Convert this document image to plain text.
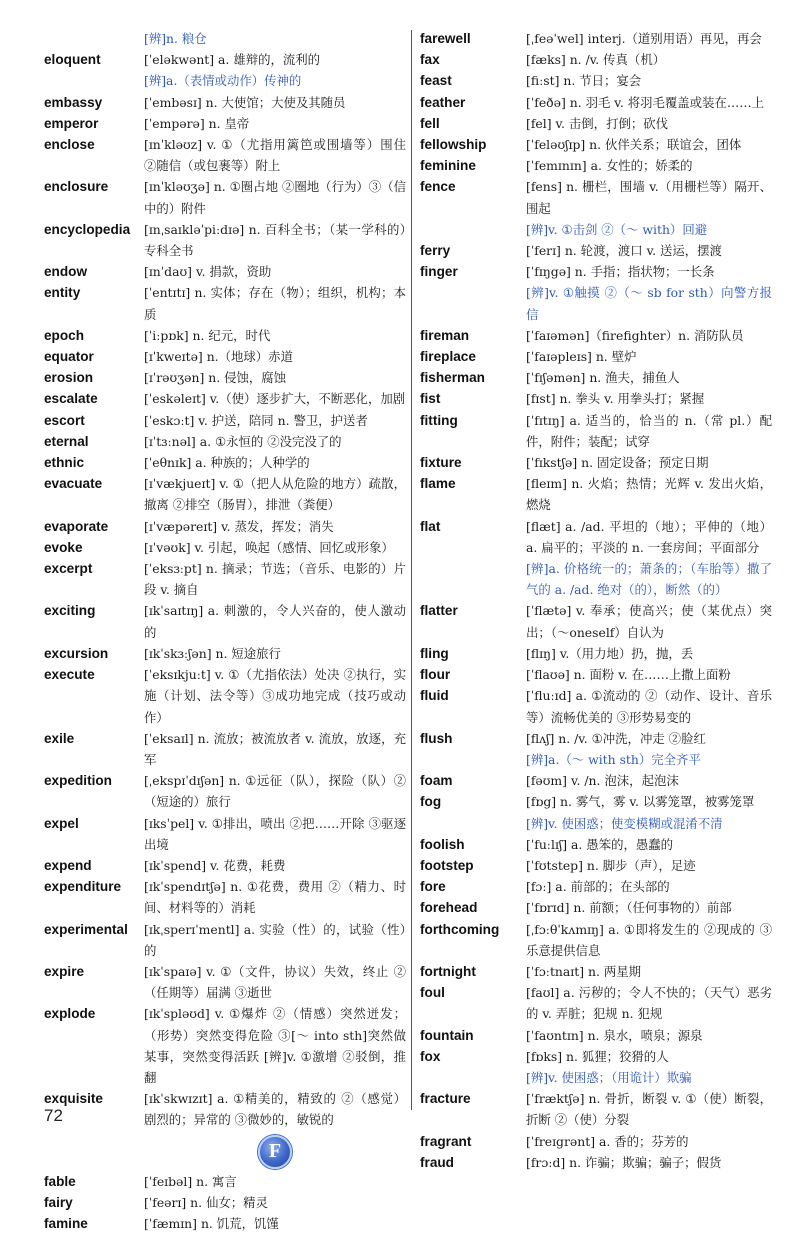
[辨]n. 粮仓
eloquent	[ˈeləkwənt] a. 雄辩的，流利的
[辨]a.（表情或动作）传神的
embassy	[ˈembəsɪ] n. 大使馆；大使及其随员
emperor	[ˈempərə] n. 皇帝
enclose	[ɪnˈkləʊz] v. ①（尤指用篱笆或围墙等）围住 ②随信（或包裹等）附上
enclosure	[ɪnˈkləʊʒə] n. ①圈占地 ②圈地（行为）③（信中的）附件
encyclopedia	[ɪnˌsaɪkləˈpiːdɪə] n. 百科全书；（某一学科的）专科全书
endow	[ɪnˈdaʊ] v. 捐款，资助
entity	[ˈentɪtɪ] n. 实体；存在（物）；组织，机构；本质
epoch	[ˈiːpɒk] n. 纪元，时代
equator	[ɪˈkweɪtə] n.（地球）赤道
erosion	[ɪˈrəʊʒən] n. 侵蚀，腐蚀
escalate	[ˈeskəleɪt] v.（使）逐步扩大，不断恶化，加剧
escort	[ˈeskɔːt] v. 护送，陪同 n. 警卫，护送者
eternal	[ɪˈtɜːnəl] a. ①永恒的 ②没完没了的
ethnic	[ˈeθnɪk] a. 种族的；人种学的
evacuate	[ɪˈvækjueɪt] v. ①（把人从危险的地方）疏散，撤离 ②排空（肠胃），排泄（粪便）
evaporate	[ɪˈvæpəreɪt] v. 蒸发，挥发；消失
evoke	[ɪˈvəʊk] v. 引起，唤起（感情、回忆或形象）
excerpt	[ˈeksɜːpt] n. 摘录；节选；（音乐、电影的）片段 v. 摘自
exciting	[ɪkˈsaɪtɪŋ] a. 刺激的，令人兴奋的，使人激动的
excursion	[ɪkˈskɜːʃən] n. 短途旅行
execute	[ˈeksɪkjuːt] v. ①（尤指依法）处决 ②执行，实施（计划、法令等）③成功地完成（技巧或动作）
exile	[ˈeksaɪl] n. 流放；被流放者 v. 流放，放逐，充军
expedition	[ˌekspɪˈdɪʃən] n. ①远征（队），探险（队）②（短途的）旅行
expel	[ɪksˈpel] v. ①排出，喷出 ②把……开除 ③驱逐出境
expend	[ɪkˈspend] v. 花费，耗费
expenditure	[ɪkˈspendɪtʃə] n. ①花费，费用 ②（精力、时间、材料等的）消耗
experimental	[ɪkˌsperɪˈmentl] a. 实验（性）的，试验（性）的
expire	[ɪkˈspaɪə] v. ①（文件，协议）失效，终止 ②（任期等）届满 ③逝世
explode	[ɪkˈspləʊd] v. ①爆炸 ②（情感）突然迸发；（形势）突然变得危险 ③[～ into sth]突然做某事，突然变得活跃 [辨]v. ①激增 ②驳倒，推翻
exquisite	[ɪkˈskwɪzɪt] a. ①精美的，精致的 ②（感觉）剧烈的；异常的 ③微妙的，敏锐的
F
fable	[ˈfeɪbəl] n. 寓言
fairy	[ˈfeərɪ] n. 仙女；精灵
famine	[ˈfæmɪn] n. 饥荒，饥馑
farewell	[ˌfeəˈwel] interj.（道别用语）再见，再会
fax	[fæks] n. /v. 传真（机）
feast	[fiːst] n. 节日；宴会
feather	[ˈfeðə] n. 羽毛 v. 将羽毛覆盖或装在……上
fell	[fel] v. 击倒，打倒；砍伐
fellowship	[ˈfeləʊʃɪp] n. 伙伴关系；联谊会，团体
feminine	[ˈfemɪnɪn] a. 女性的；娇柔的
fence	[fens] n. 栅栏，围墙 v.（用栅栏等）隔开、围起
[辨]v. ①击剑 ②（～ with）回避
ferry	[ˈferɪ] n. 轮渡，渡口 v. 送运，摆渡
finger	[ˈfɪŋgə] n. 手指；指状物；一长条
[辨]v. ①触摸 ②（～ sb for sth）向警方报信
fireman	[ˈfaɪəmən]（firefighter）n. 消防队员
fireplace	[ˈfaɪəpleɪs] n. 壁炉
fisherman	[ˈfɪʃəmən] n. 渔夫，捕鱼人
fist	[fɪst] n. 拳头 v. 用拳头打；紧握
fitting	[ˈfɪtɪŋ] a. 适当的，恰当的 n.（常 pl.）配件，附件；装配；试穿
fixture	[ˈfɪkstʃə] n. 固定设备；预定日期
flame	[fleɪm] n. 火焰；热情；光辉 v. 发出火焰，燃烧
flat	[flæt] a. /ad. 平坦的（地）；平伸的（地）a. 扁平的；平淡的 n. 一套房间；平面部分
[辨]a. 价格统一的；萧条的；（车胎等）撒了气的 a. /ad. 绝对（的），断然（的）
flatter	[ˈflætə] v. 奉承；使高兴；使（某优点）突出；（～oneself）自认为
fling	[flɪŋ] v.（用力地）扔，抛，丢
flour	[ˈflaʊə] n. 面粉 v. 在……上撒上面粉
fluid	[ˈfluːɪd] a. ①流动的 ②（动作、设计、音乐等）流畅优美的 ③形势易变的
flush	[flʌʃ] n. /v. ①冲洗，冲走 ②脸红
[辨]a.（～ with sth）完全齐平
foam	[fəʊm] v. /n. 泡沫，起泡沫
fog	[fɒg] n. 雾气，雾 v. 以雾笼罩，被雾笼罩
[辨]v. 使困惑；使变模糊或混淆不清
foolish	[ˈfuːlɪʃ] a. 愚笨的，愚蠢的
footstep	[ˈfʊtstep] n. 脚步（声），足迹
fore	[fɔː] a. 前部的；在头部的
forehead	[ˈfɒrɪd] n. 前额；（任何事物的）前部
forthcoming	[ˌfɔːθˈkʌmɪŋ] a. ①即将发生的 ②现成的 ③乐意提供信息
fortnight	[ˈfɔːtnaɪt] n. 两星期
foul	[faʊl] a. 污秽的；令人不快的；（天气）恶劣的 v. 弄脏；犯规 n. 犯规
fountain	[ˈfaʊntɪn] n. 泉水，喷泉；源泉
fox	[fɒks] n. 狐狸；狡猾的人
[辨]v. 使困惑；（用诡计）欺骗
fracture	[ˈfræktʃə] n. 骨折，断裂 v. ①（使）断裂，折断 ②（使）分裂
fragrant	[ˈfreɪgrənt] a. 香的；芬芳的
fraud	[frɔːd] n. 诈骗；欺骗；骗子；假货
72
